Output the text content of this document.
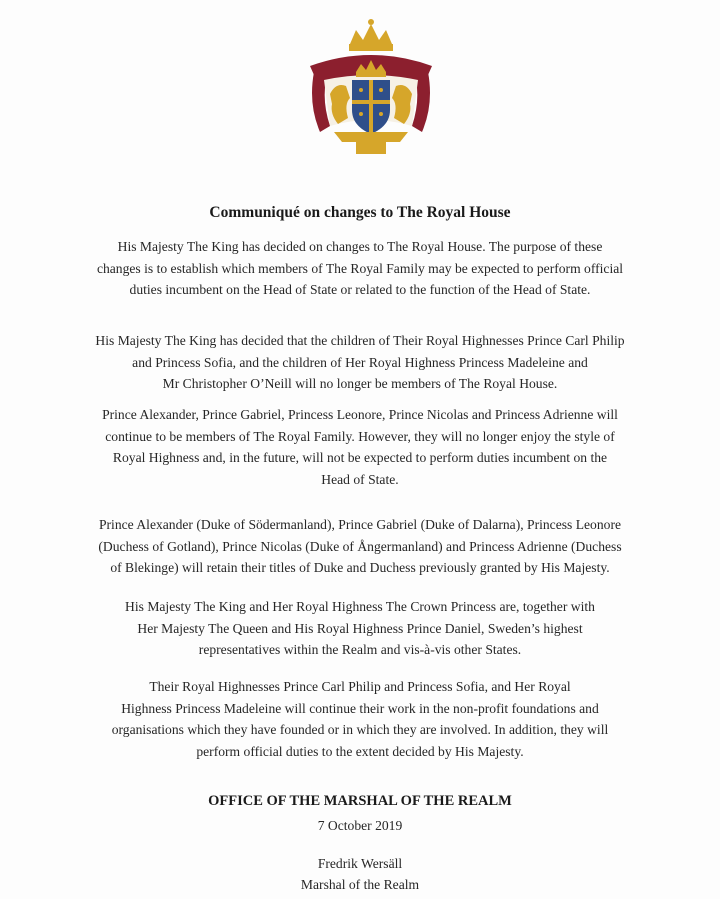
Communiqué on changes to The Royal House
His Majesty The King has decided on changes to The Royal House. The purpose of these
changes is to establish which members of The Royal Family may be expected to perform official
duties incumbent on the Head of State or related to the function of the Head of State.
His Majesty The King has decided that the children of Their Royal Highnesses Prince Carl Philip
and Princess Sofia, and the children of Her Royal Highness Princess Madeleine and
Mr Christopher O’Neill will no longer be members of The Royal House.
Prince Alexander, Prince Gabriel, Princess Leonore, Prince Nicolas and Princess Adrienne will
continue to be members of The Royal Family. However, they will no longer enjoy the style of
Royal Highness and, in the future, will not be expected to perform duties incumbent on the
Head of State.
Prince Alexander (Duke of Södermanland), Prince Gabriel (Duke of Dalarna), Princess Leonore
(Duchess of Gotland), Prince Nicolas (Duke of Ångermanland) and Princess Adrienne (Duchess
of Blekinge) will retain their titles of Duke and Duchess previously granted by His Majesty.
His Majesty The King and Her Royal Highness The Crown Princess are, together with
Her Majesty The Queen and His Royal Highness Prince Daniel, Sweden’s highest
representatives within the Realm and vis-à-vis other States.
Their Royal Highnesses Prince Carl Philip and Princess Sofia, and Her Royal
Highness Princess Madeleine will continue their work in the non-profit foundations and
organisations which they have founded or in which they are involved. In addition, they will
perform official duties to the extent decided by His Majesty.
OFFICE OF THE MARSHAL OF THE REALM
7 October 2019
Fredrik Wersäll
Marshal of the Realm
